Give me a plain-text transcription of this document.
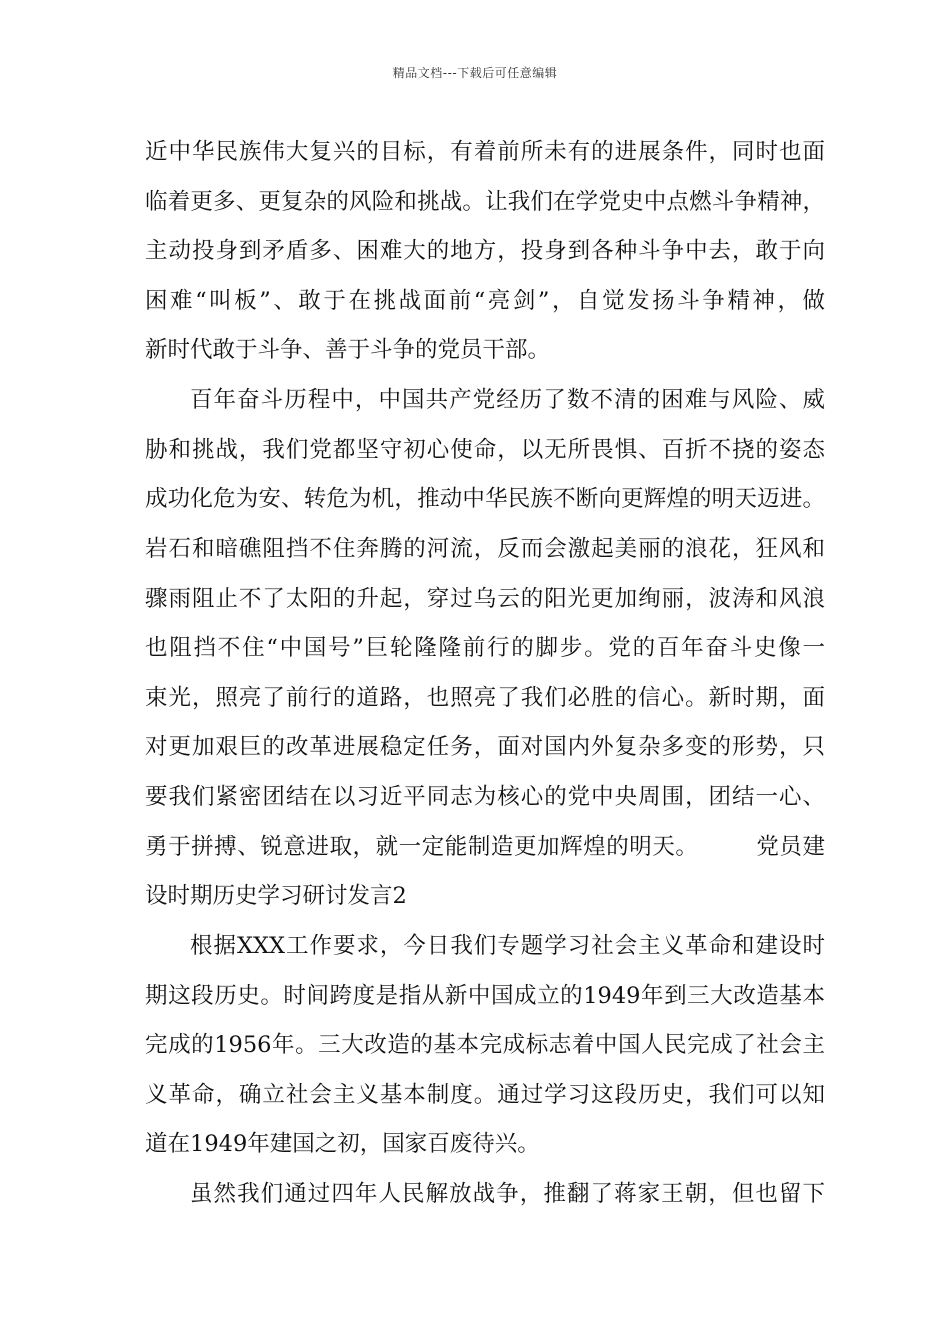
精品文档---下载后可任意编辑
近中华民族伟大复兴的目标，有着前所未有的进展条件，同时也面
临着更多、更复杂的风险和挑战。让我们在学党史中点燃斗争精神，
主动投身到矛盾多、困难大的地方，投身到各种斗争中去，敢于向
困难“叫板”、敢于在挑战面前“亮剑”，自觉发扬斗争精神，做
新时代敢于斗争、善于斗争的党员干部。
百年奋斗历程中，中国共产党经历了数不清的困难与风险、威
胁和挑战，我们党都坚守初心使命，以无所畏惧、百折不挠的姿态
成功化危为安、转危为机，推动中华民族不断向更辉煌的明天迈进。
岩石和暗礁阻挡不住奔腾的河流，反而会激起美丽的浪花，狂风和
骤雨阻止不了太阳的升起，穿过乌云的阳光更加绚丽，波涛和风浪
也阻挡不住“中国号”巨轮隆隆前行的脚步。党的百年奋斗史像一
束光，照亮了前行的道路，也照亮了我们必胜的信心。新时期，面
对更加艰巨的改革进展稳定任务，面对国内外复杂多变的形势，只
要我们紧密团结在以习近平同志为核心的党中央周围，团结一心、
勇于拼搏、锐意进取，就一定能制造更加辉煌的明天。　　　党员建
设时期历史学习研讨发言2
根据XXX工作要求，今日我们专题学习社会主义革命和建设时
期这段历史。时间跨度是指从新中国成立的1949年到三大改造基本
完成的1956年。三大改造的基本完成标志着中国人民完成了社会主
义革命，确立社会主义基本制度。通过学习这段历史，我们可以知
道在1949年建国之初，国家百废待兴。
虽然我们通过四年人民解放战争，推翻了蒋家王朝，但也留下
